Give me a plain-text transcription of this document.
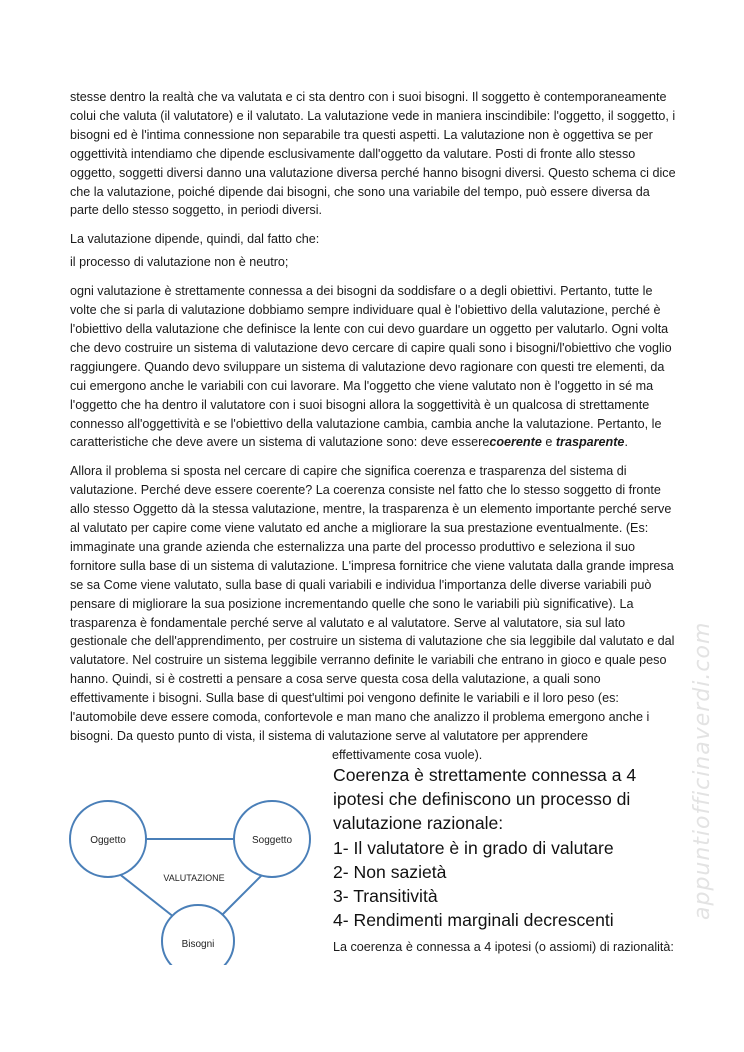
stesse dentro la realtà che va valutata e ci sta dentro con i suoi bisogni. Il soggetto è contemporaneamente colui che valuta (il valutatore) e il valutato. La valutazione vede in maniera inscindibile: l'oggetto, il soggetto, i bisogni ed è l'intima connessione non separabile tra questi aspetti. La valutazione non è oggettiva se per oggettività intendiamo che dipende esclusivamente dall'oggetto da valutare. Posti di fronte allo stesso oggetto, soggetti diversi danno una valutazione diversa perché hanno bisogni diversi. Questo schema ci dice che la valutazione, poiché dipende dai bisogni, che sono una variabile del tempo, può essere diversa da parte dello stesso soggetto, in periodi diversi.

La valutazione dipende, quindi, dal fatto che:

il processo di valutazione non è neutro;

ogni valutazione è strettamente connessa a dei bisogni da soddisfare o a degli obiettivi. Pertanto, tutte le volte che si parla di valutazione dobbiamo sempre individuare qual è l'obiettivo della valutazione, perché è l'obiettivo della valutazione che definisce la lente con cui devo guardare un oggetto per valutarlo. Ogni volta che devo costruire un sistema di valutazione devo cercare di capire quali sono i bisogni/l'obiettivo che voglio raggiungere. Quando devo sviluppare un sistema di valutazione devo ragionare con questi tre elementi, da cui emergono anche le variabili con cui lavorare. Ma l'oggetto che viene valutato non è l'oggetto in sé ma l'oggetto che ha dentro il valutatore con i suoi bisogni allora la soggettività è un qualcosa di strettamente connesso all'oggettività e se l'obiettivo della valutazione cambia, cambia anche la valutazione. Pertanto, le caratteristiche che deve avere un sistema di valutazione sono: deve esserecoerente e trasparente.

Allora il problema si sposta nel cercare di capire che significa coerenza e trasparenza del sistema di valutazione. Perché deve essere coerente? La coerenza consiste nel fatto che lo stesso soggetto di fronte allo stesso Oggetto dà la stessa valutazione, mentre, la trasparenza è un elemento importante perché serve al valutato per capire come viene valutato ed anche a migliorare la sua prestazione eventualmente. (Es: immaginate una grande azienda che esternalizza una parte del processo produttivo e seleziona il suo fornitore sulla base di un sistema di valutazione. L'impresa fornitrice che viene valutata dalla grande impresa se sa Come viene valutato, sulla base di quali variabili e individua l'importanza delle diverse variabili può pensare di migliorare la sua posizione incrementando quelle che sono le variabili più significative). La trasparenza è fondamentale perché serve al valutato e al valutatore. Serve al valutatore, sia sul lato gestionale che dell'apprendimento, per costruire un sistema di valutazione che sia leggibile dal valutato e dal valutatore. Nel costruire un sistema leggibile verranno definite le variabili che entrano in gioco e quale peso hanno. Quindi, si è costretti a pensare a cosa serve questa cosa della valutazione, a quali sono effettivamente i bisogni. Sulla base di quest'ultimi poi vengono definite le variabili e il loro peso (es: l'automobile deve essere comoda, confortevole e man mano che analizzo il problema emergono anche i bisogni. Da questo punto di vista, il sistema di valutazione serve al valutatore per apprendere
effettivamente cosa vuole).

Oggetto	Soggetto
Bisogni
VALUTAZIONE
Coerenza è strettamente connessa a 4
ipotesi che definiscono un processo di
valutazione razionale:
1- Il valutatore è in grado di valutare
2- Non sazietà
3- Transitività
4- Rendimenti marginali decrescenti
La coerenza è connessa a 4 ipotesi (o assiomi) di razionalità:
appuntiofficinaverdi.com
